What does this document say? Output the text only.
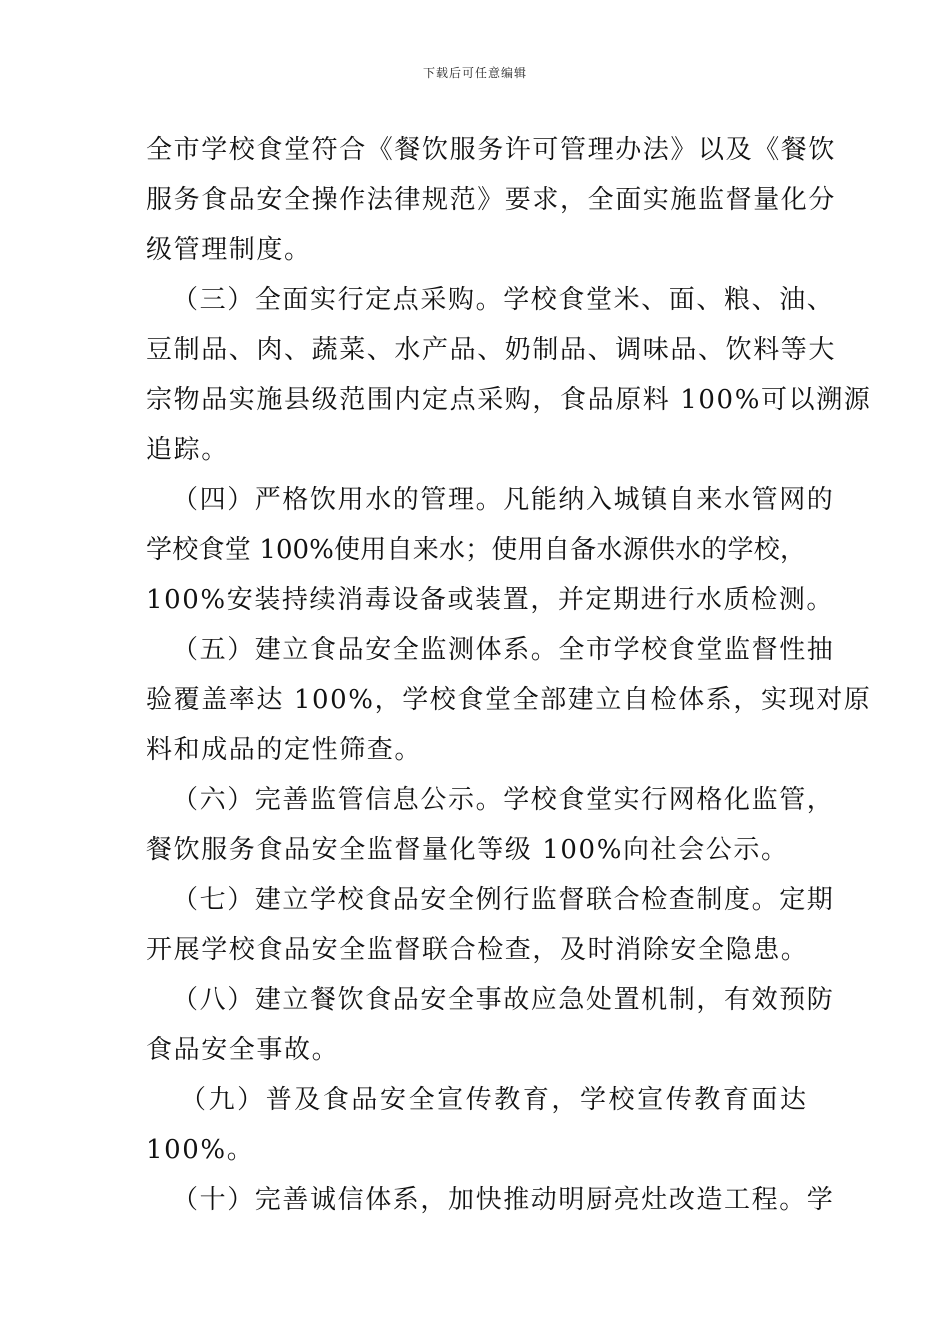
下载后可任意编辑
全市学校食堂符合《餐饮服务许可管理办法》以及《餐饮
服务食品安全操作法律规范》要求，全面实施监督量化分
级管理制度。
（三）全面实行定点采购。学校食堂米、面、粮、油、
豆制品、肉、蔬菜、水产品、奶制品、调味品、饮料等大
宗物品实施县级范围内定点采购，食品原料 100%可以溯源
追踪。
（四）严格饮用水的管理。凡能纳入城镇自来水管网的
学校食堂 100%使用自来水；使用自备水源供水的学校，
100%安装持续消毒设备或装置，并定期进行水质检测。
（五）建立食品安全监测体系。全市学校食堂监督性抽
验覆盖率达 100%，学校食堂全部建立自检体系，实现对原
料和成品的定性筛查。
（六）完善监管信息公示。学校食堂实行网格化监管，
餐饮服务食品安全监督量化等级 100%向社会公示。
（七）建立学校食品安全例行监督联合检查制度。定期
开展学校食品安全监督联合检查，及时消除安全隐患。
（八）建立餐饮食品安全事故应急处置机制，有效预防
食品安全事故。
（九）普及食品安全宣传教育，学校宣传教育面达
100%。
（十）完善诚信体系，加快推动明厨亮灶改造工程。学
